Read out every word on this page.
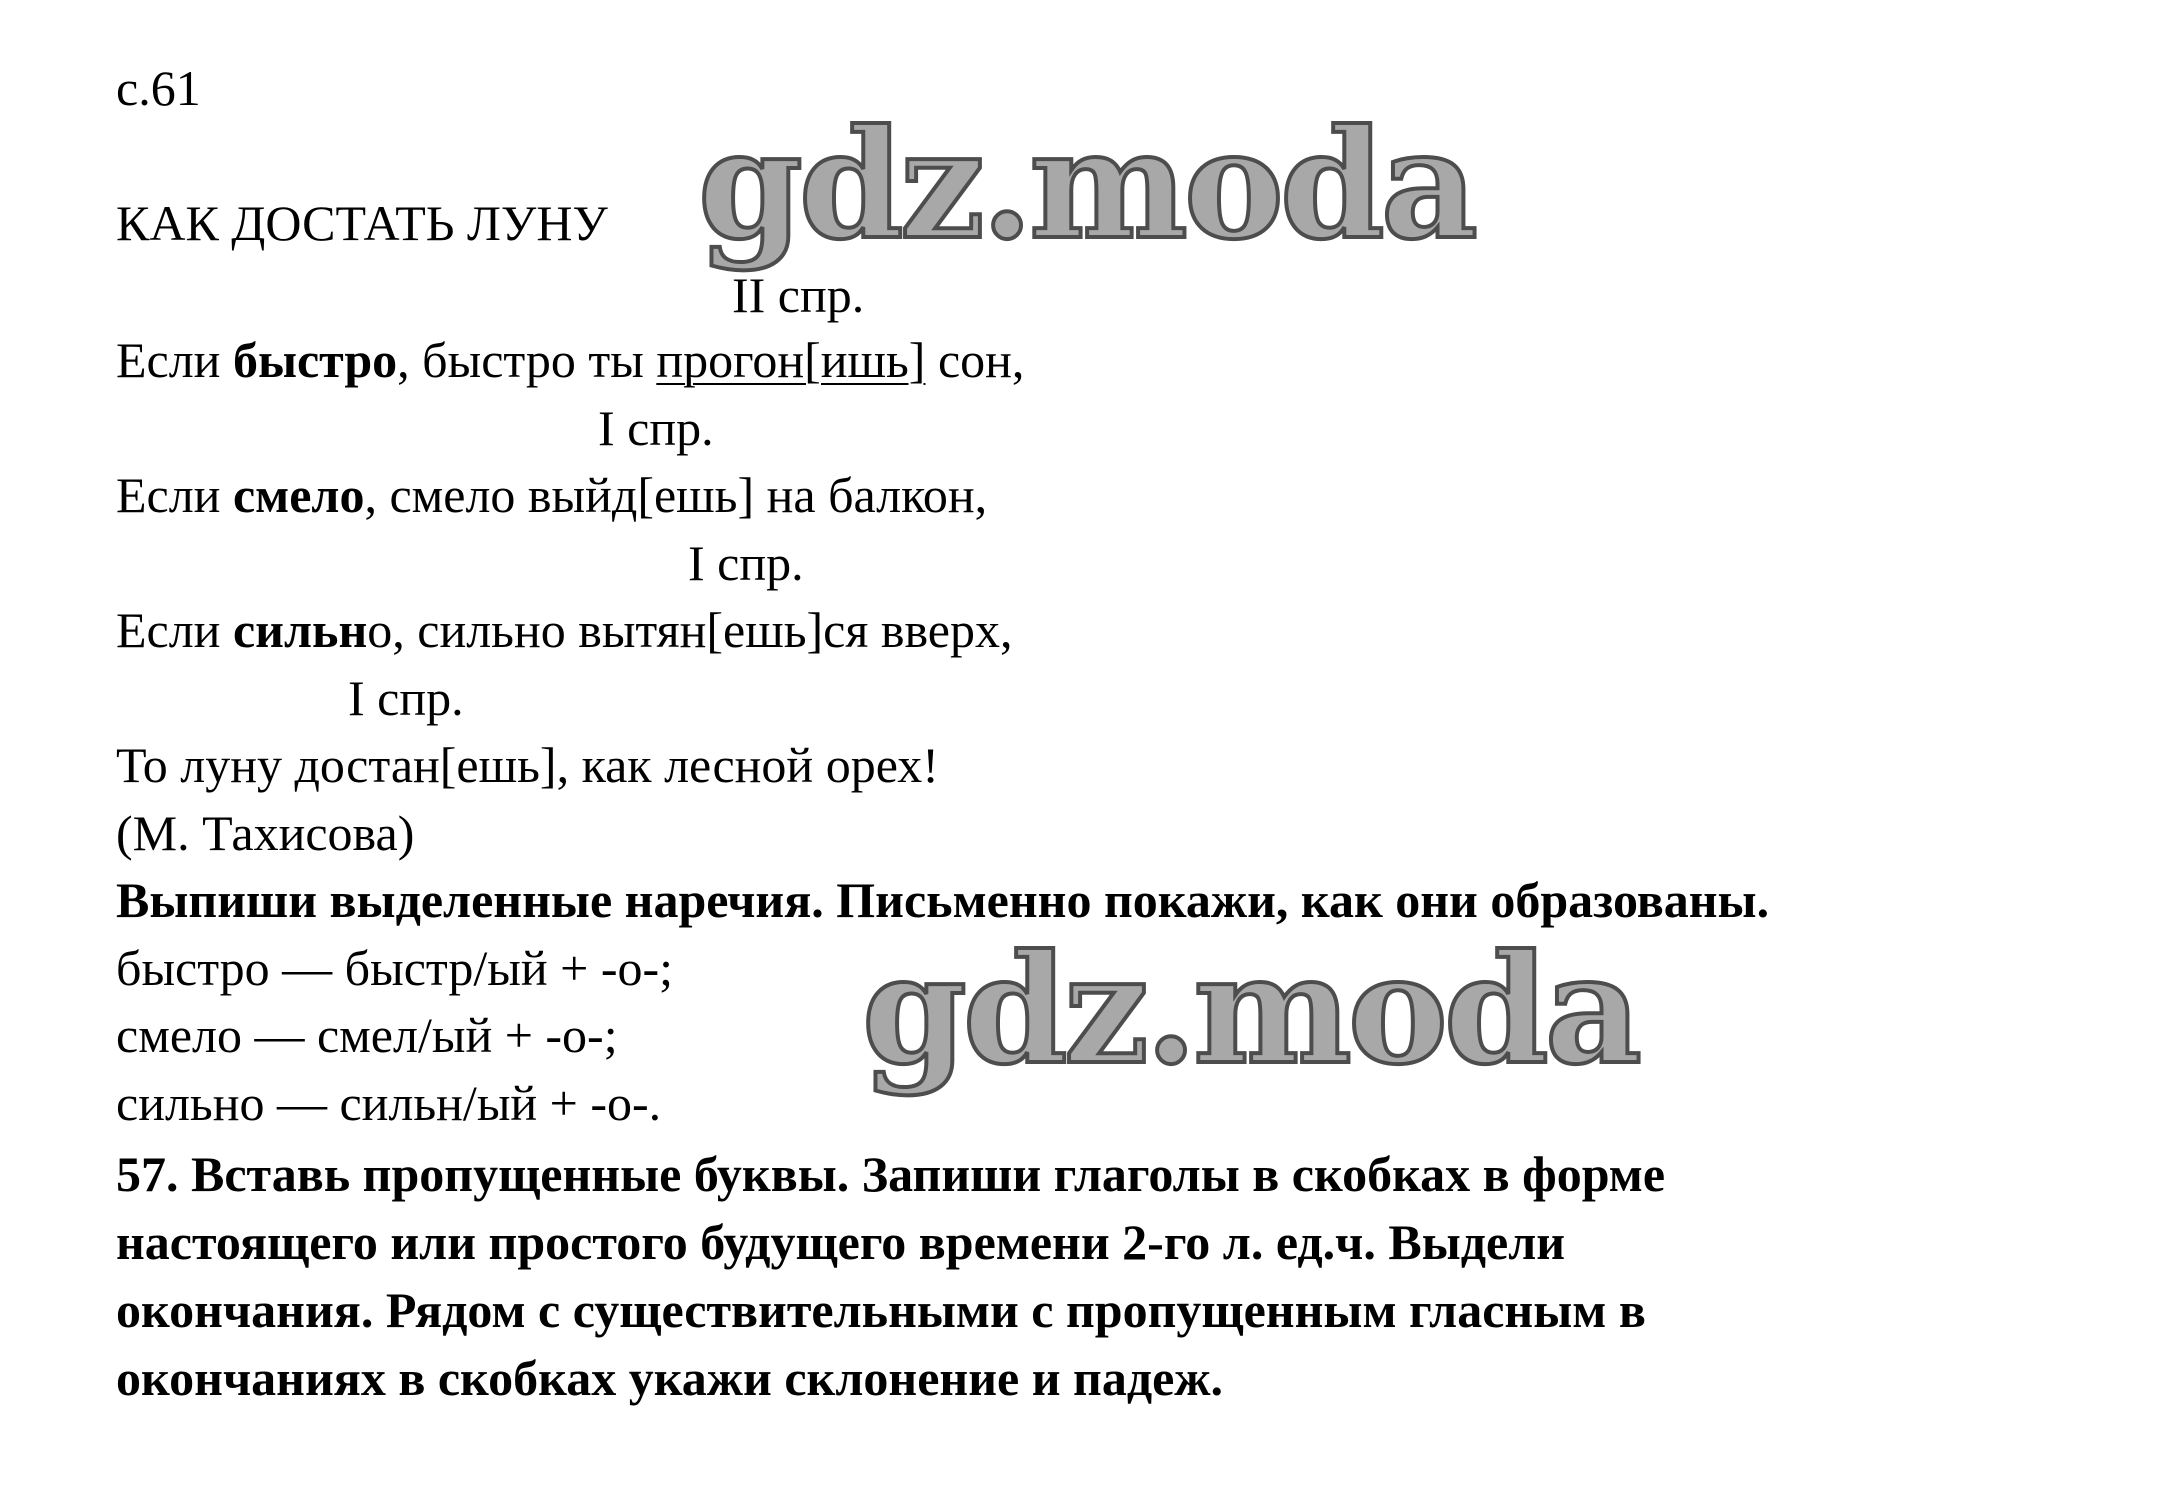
с.61
КАК ДОСТАТЬ ЛУНУ gdz.moda
II спр.
Если быстро, быстро ты прогон[ишь] сон,
I спр.
Если смело, смело выйд[ешь] на балкон,
I спр.
Если сильно, сильно вытян[ешь]ся вверх,
I спр.
То луну достан[ешь], как лесной орех!
(М. Тахисова)
Выпиши выделенные наречия. Письменно покажи, как они образованы.
быстро — быстр/ый + -о-;
смело — смел/ый + -о-;
сильно — сильн/ый + -о-.
gdz.moda
57. Вставь пропущенные буквы. Запиши глаголы в скобках в форме
настоящего или простого будущего времени 2-го л. ед.ч. Выдели
окончания. Рядом с существительными с пропущенным гласным в
окончаниях в скобках укажи склонение и падеж.
